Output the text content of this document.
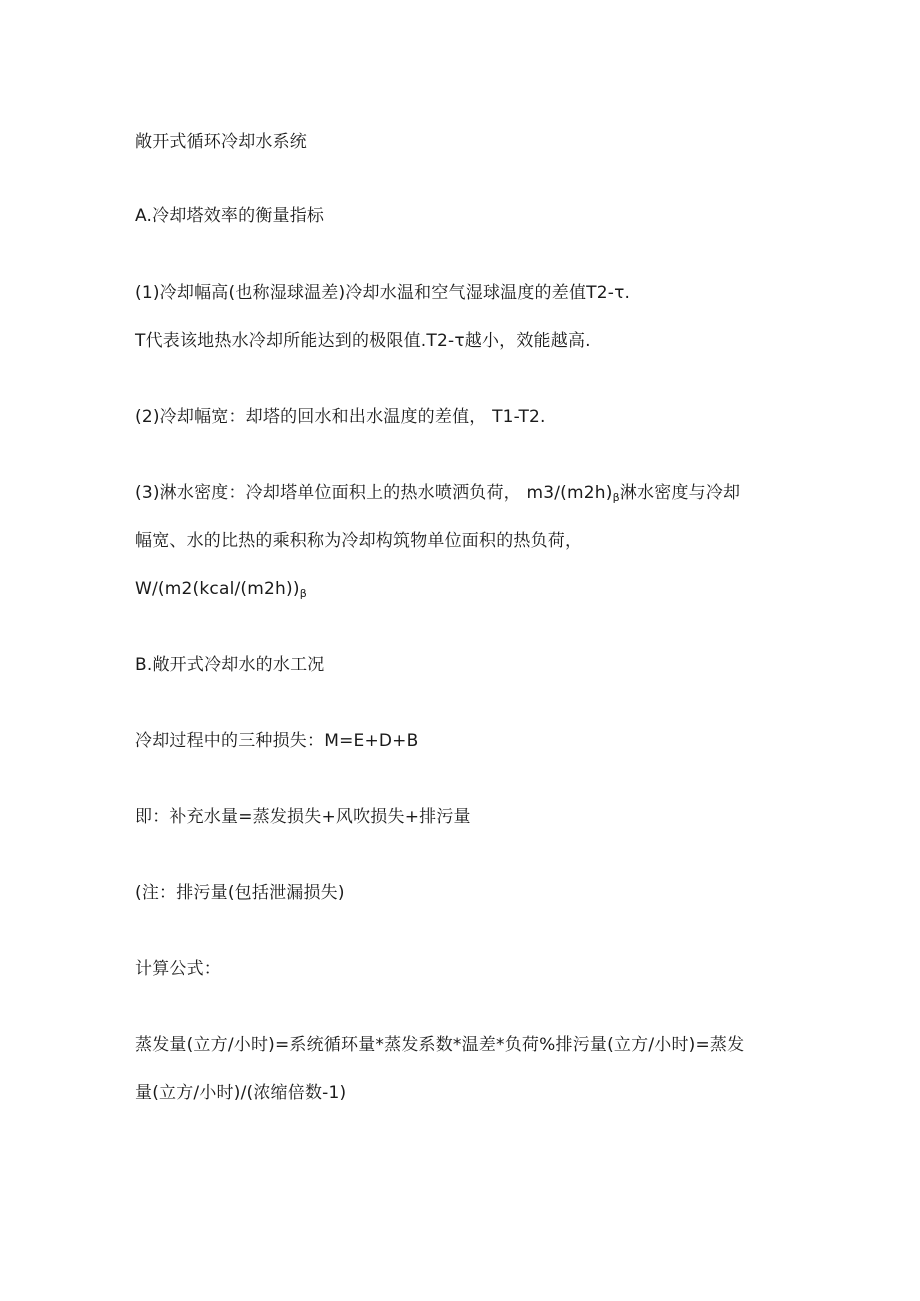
敞开式循环冷却水系统
A.冷却塔效率的衡量指标
(1)冷却幅高(也称湿球温差)冷却水温和空气湿球温度的差值T2-τ.
T代表该地热水冷却所能达到的极限值.T2-τ越小，效能越高.
(2)冷却幅宽：却塔的回水和出水温度的差值， T1-T2.
(3)淋水密度：冷却塔单位面积上的热水喷洒负荷， $m3∕(m2h)_\beta$淋水密度与冷却
幅宽、水的比热的乘积称为冷却构筑物单位面积的热负荷，
$W∕(m2(kcal∕(m2h))_\beta$
B.敞开式冷却水的水工况
冷却过程中的三种损失：M=E+D+B
即：补充水量=蒸发损失+风吹损失+排污量
(注：排污量(包括泄漏损失)
计算公式：
蒸发量(立方/小时)=系统循环量*蒸发系数*温差*负荷%排污量(立方/小时)=蒸发
量(立方/小时)/(浓缩倍数-1)
